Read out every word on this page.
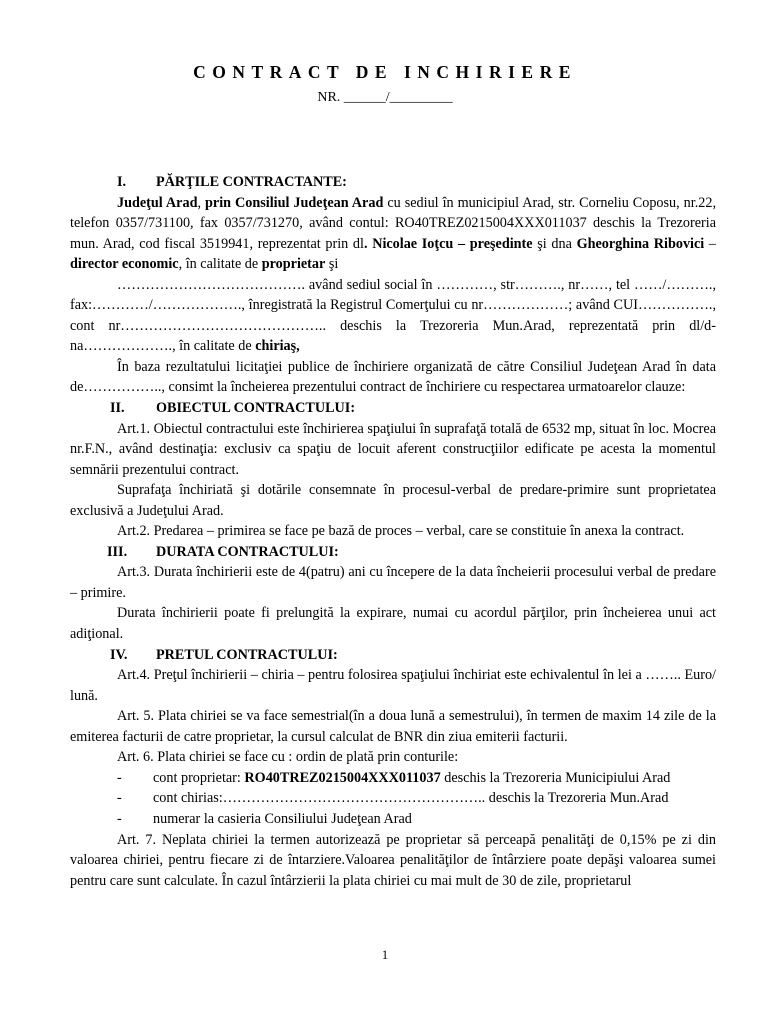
CONTRACT DE INCHIRIERE
NR. ______/_________

I. PĂRŢILE CONTRACTANTE:

Judeţul Arad, prin Consiliul Judeţean Arad cu sediul în municipiul Arad, str. Corneliu Coposu, nr.22, telefon 0357/731100, fax 0357/731270, având contul: RO40TREZ0215004XXX011037 deschis la Trezoreria mun. Arad, cod fiscal 3519941, reprezentat prin dl. Nicolae Ioţcu – preşedinte şi dna Gheorghina Ribovici – director economic, în calitate de proprietar şi

…………………………………. având sediul social în …………, str………., nr……, tel ……/………., fax:…………/………………., înregistrată la Registrul Comerţului cu nr………………; având CUI……………., cont nr…………………………………….. deschis la Trezoreria Mun.Arad, reprezentată prin dl/d-na………………., în calitate de chiriaş,

În baza rezultatului licitaţiei publice de închiriere organizată de către Consiliul Judeţean Arad în data de…………….., consimt la încheierea prezentului contract de închiriere cu respectarea urmatoarelor clauze:

II. OBIECTUL CONTRACTULUI:

Art.1. Obiectul contractului este închirierea spaţiului în suprafaţă totală de 6532 mp, situat în loc. Mocrea nr.F.N., având destinaţia: exclusiv ca spaţiu de locuit aferent construcţiilor edificate pe acesta la momentul semnării prezentului contract.

Suprafaţa închiriată şi dotările consemnate în procesul-verbal de predare-primire sunt proprietatea exclusivă a Judeţului Arad.

Art.2. Predarea – primirea se face pe bază de proces – verbal, care se constituie în anexa la contract.

III. DURATA CONTRACTULUI:

Art.3. Durata închirierii este de 4(patru) ani cu începere de la data încheierii procesului verbal de predare – primire.

Durata închirierii poate fi prelungită la expirare, numai cu acordul părţilor, prin încheierea unui act adiţional.

IV. PRETUL CONTRACTULUI:

Art.4. Preţul închirierii – chiria – pentru folosirea spaţiului închiriat este echivalentul în lei a …….. Euro/ lună.

Art. 5. Plata chiriei se va face semestrial(în a doua lună a semestrului), în termen de maxim 14 zile de la emiterea facturii de catre proprietar, la cursul calculat de BNR din ziua emiterii facturii.

Art. 6. Plata chiriei se face cu : ordin de plată prin conturile:

- cont proprietar: RO40TREZ0215004XXX011037 deschis la Trezoreria Municipiului Arad

- cont chirias:……………………………………………….. deschis la Trezoreria Mun.Arad

- numerar la casieria Consiliului Judeţean Arad

Art. 7. Neplata chiriei la termen autorizează pe proprietar să perceapă penalităţi de 0,15% pe zi din valoarea chiriei, pentru fiecare zi de întarziere.Valoarea penalităţilor de întârziere poate depăşi valoarea sumei pentru care sunt calculate. În cazul întârzierii la plata chiriei cu mai mult de 30 de zile, proprietarul

1
